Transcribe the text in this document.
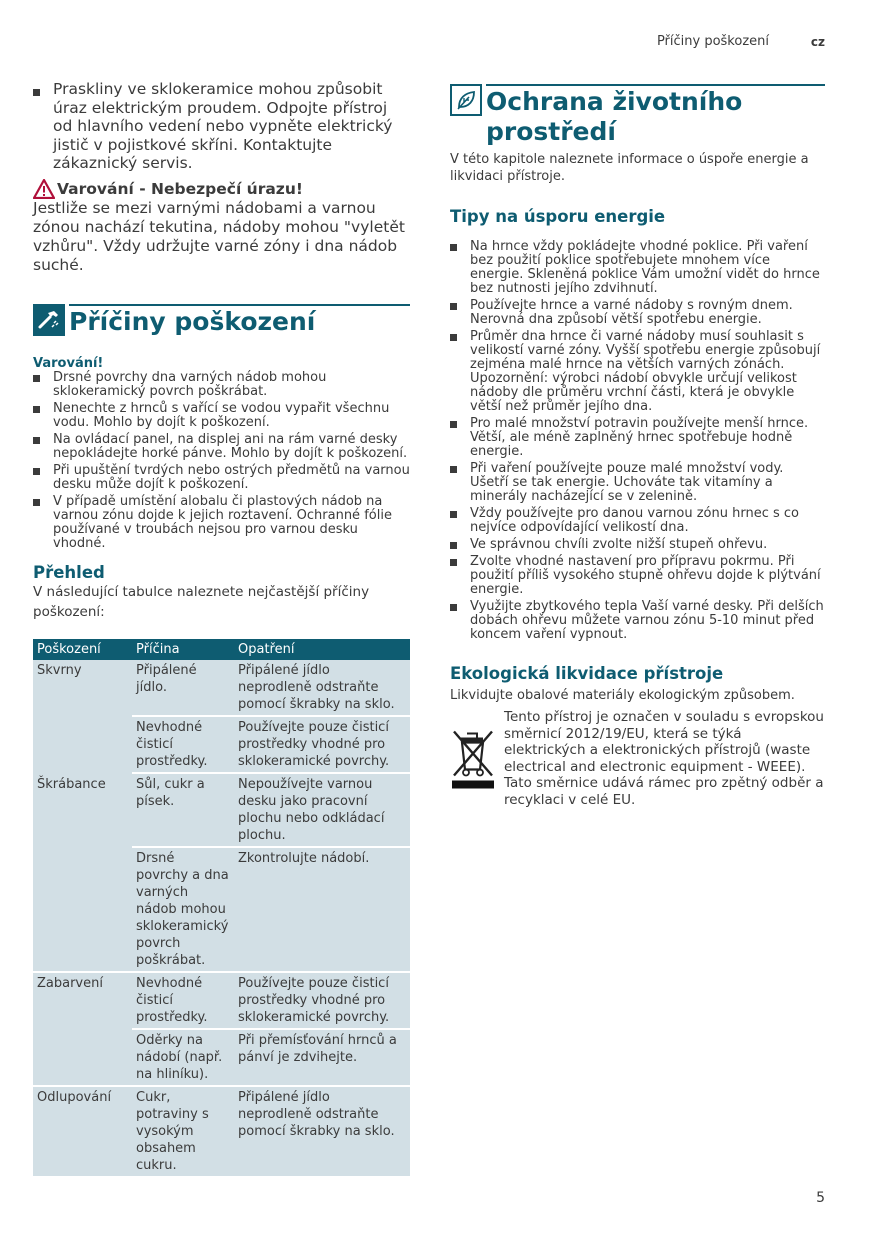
Příčiny poškození	cz
Praskliny ve sklokeramice mohou způsobit úraz elektrickým proudem. Odpojte přístroj od hlavního vedení nebo vypněte elektrický jistič v pojistkové skříni. Kontaktujte zákaznický servis.
Varování - Nebezpečí úrazu!

Jestliže se mezi varnými nádobami a varnou zónou nachází tekutina, nádoby mohou "vyletět vzhůru". Vždy udržujte varné zóny i dna nádob suché.

Příčiny poškození
Varování!
Drsné povrchy dna varných nádob mohou sklokeramický povrch poškrábat.
Nenechte z hrnců s vařící se vodou vypařit všechnu vodu. Mohlo by dojít k poškození.
Na ovládací panel, na displej ani na rám varné desky nepokládejte horké pánve. Mohlo by dojít k poškození.
Při upuštění tvrdých nebo ostrých předmětů na varnou desku může dojít k poškození.
V případě umístění alobalu či plastových nádob na varnou zónu dojde k jejich roztavení. Ochranné fólie používané v troubách nejsou pro varnou desku vhodné.
Přehled

V následující tabulce naleznete nejčastější příčiny poškození:

Poškození	Příčina	Opatření
Skvrny	Připálené jídlo.	Připálené jídlo neprodleně odstraňte pomocí škrabky na sklo.
	Nevhodné čisticí prostředky.	Používejte pouze čisticí prostředky vhodné pro sklokeramické povrchy.
Škrábance	Sůl, cukr a písek.	Nepoužívejte varnou desku jako pracovní plochu nebo odkládací plochu.
	Drsné povrchy a dna varných nádob mohou sklokeramický povrch poškrábat.	Zkontrolujte nádobí.
Zabarvení	Nevhodné čisticí prostředky.	Používejte pouze čisticí prostředky vhodné pro sklokeramické povrchy.
	Oděrky na nádobí (např. na hliníku).	Při přemísťování hrnců a pánví je zdvihejte.
Odlupování	Cukr, potraviny s vysokým obsahem cukru.	Připálené jídlo neprodleně odstraňte pomocí škrabky na sklo.
Ochrana životního prostředí

V této kapitole naleznete informace o úspoře energie a likvidaci přístroje.

Tipy na úsporu energie
Na hrnce vždy pokládejte vhodné poklice. Při vaření bez použití poklice spotřebujete mnohem více energie. Skleněná poklice Vám umožní vidět do hrnce bez nutnosti jejího zdvihnutí.
Používejte hrnce a varné nádoby s rovným dnem. Nerovná dna způsobí větší spotřebu energie.
Průměr dna hrnce či varné nádoby musí souhlasit s velikostí varné zóny. Vyšší spotřebu energie způsobují zejména malé hrnce na větších varných zónách. Upozornění: výrobci nádobí obvykle určují velikost nádoby dle průměru vrchní části, která je obvykle větší než průměr jejího dna.
Pro malé množství potravin používejte menší hrnce. Větší, ale méně zaplněný hrnec spotřebuje hodně energie.
Při vaření používejte pouze malé množství vody. Ušetří se tak energie. Uchováte tak vitamíny a minerály nacházející se v zelenině.
Vždy používejte pro danou varnou zónu hrnec s co nejvíce odpovídající velikostí dna.
Ve správnou chvíli zvolte nižší stupeň ohřevu.
Zvolte vhodné nastavení pro přípravu pokrmu. Při použití příliš vysokého stupně ohřevu dojde k plýtvání energie.
Využijte zbytkového tepla Vaší varné desky. Při delších dobách ohřevu můžete varnou zónu 5-10 minut před koncem vaření vypnout.
Ekologická likvidace přístroje

Likvidujte obalové materiály ekologickým způsobem.

Tento přístroj je označen v souladu s evropskou směrnicí 2012/19/EU, která se týká elektrických a elektronických přístrojů (waste electrical and electronic equipment - WEEE). Tato směrnice udává rámec pro zpětný odběr a recyklaci v celé EU.

5
